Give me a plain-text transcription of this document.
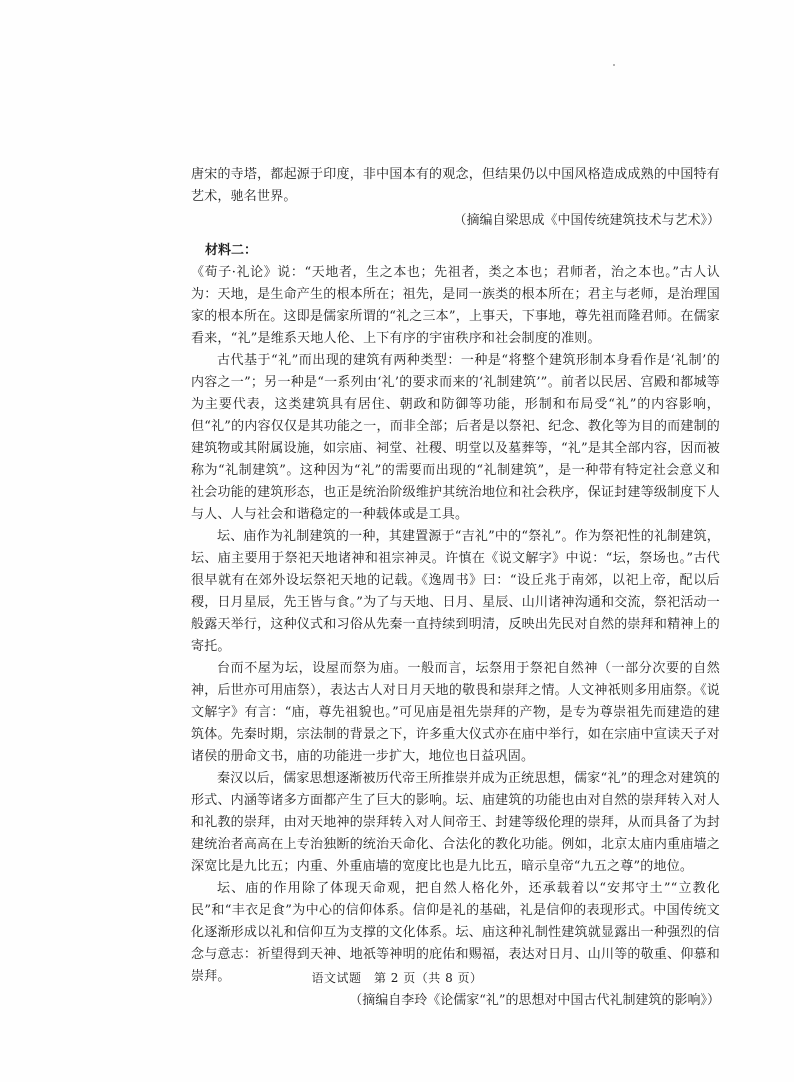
唐宋的寺塔，都起源于印度，非中国本有的观念，但结果仍以中国风格造成成熟的中国特有艺术，驰名世界。

（摘编自梁思成《中国传统建筑技术与艺术》）

材料二：

《荀子·礼论》说：“天地者，生之本也；先祖者，类之本也；君师者，治之本也。”古人认为：天地，是生命产生的根本所在；祖先，是同一族类的根本所在；君主与老师，是治理国家的根本所在。这即是儒家所谓的“礼之三本”，上事天，下事地，尊先祖而隆君师。在儒家看来，“礼”是维系天地人伦、上下有序的宇宙秩序和社会制度的准则。

古代基于“礼”而出现的建筑有两种类型：一种是“将整个建筑形制本身看作是‘礼制’的内容之一”；另一种是“一系列由‘礼’的要求而来的‘礼制建筑’”。前者以民居、宫殿和都城等为主要代表，这类建筑具有居住、朝政和防御等功能，形制和布局受“礼”的内容影响，但“礼”的内容仅仅是其功能之一，而非全部；后者是以祭祀、纪念、教化等为目的而建制的建筑物或其附属设施，如宗庙、祠堂、社稷、明堂以及墓葬等，“礼”是其全部内容，因而被称为“礼制建筑”。这种因为“礼”的需要而出现的“礼制建筑”，是一种带有特定社会意义和社会功能的建筑形态，也正是统治阶级维护其统治地位和社会秩序，保证封建等级制度下人与人、人与社会和谐稳定的一种载体或是工具。

坛、庙作为礼制建筑的一种，其建置源于“吉礼”中的“祭礼”。作为祭祀性的礼制建筑，坛、庙主要用于祭祀天地诸神和祖宗神灵。许慎在《说文解字》中说：“坛，祭场也。”古代很早就有在郊外设坛祭祀天地的记载。《逸周书》曰：“设丘兆于南郊，以祀上帝，配以后稷，日月星辰，先王皆与食。”为了与天地、日月、星辰、山川诸神沟通和交流，祭祀活动一般露天举行，这种仪式和习俗从先秦一直持续到明清，反映出先民对自然的崇拜和精神上的寄托。

台而不屋为坛，设屋而祭为庙。一般而言，坛祭用于祭祀自然神（一部分次要的自然神，后世亦可用庙祭），表达古人对日月天地的敬畏和崇拜之情。人文神祇则多用庙祭。《说文解字》有言：“庙，尊先祖貌也。”可见庙是祖先崇拜的产物，是专为尊崇祖先而建造的建筑体。先秦时期，宗法制的背景之下，许多重大仪式亦在庙中举行，如在宗庙中宣读天子对诸侯的册命文书，庙的功能进一步扩大，地位也日益巩固。

秦汉以后，儒家思想逐渐被历代帝王所推崇并成为正统思想，儒家“礼”的理念对建筑的形式、内涵等诸多方面都产生了巨大的影响。坛、庙建筑的功能也由对自然的崇拜转入对人和礼教的崇拜，由对天地神的崇拜转入对人间帝王、封建等级伦理的崇拜，从而具备了为封建统治者高高在上专治独断的统治天命化、合法化的教化功能。例如，北京太庙内重庙墙之深宽比是九比五；内重、外重庙墙的宽度比也是九比五，暗示皇帝“九五之尊”的地位。

坛、庙的作用除了体现天命观，把自然人格化外，还承载着以“安邦守土”“立教化民”和“丰衣足食”为中心的信仰体系。信仰是礼的基础，礼是信仰的表现形式。中国传统文化逐渐形成以礼和信仰互为支撑的文化体系。坛、庙这种礼制性建筑就显露出一种强烈的信念与意志：祈望得到天神、地祇等神明的庇佑和赐福，表达对日月、山川等的敬重、仰慕和崇拜。

（摘编自李玲《论儒家“礼”的思想对中国古代礼制建筑的影响》）

语文试题　第 2 页（共 8 页）
